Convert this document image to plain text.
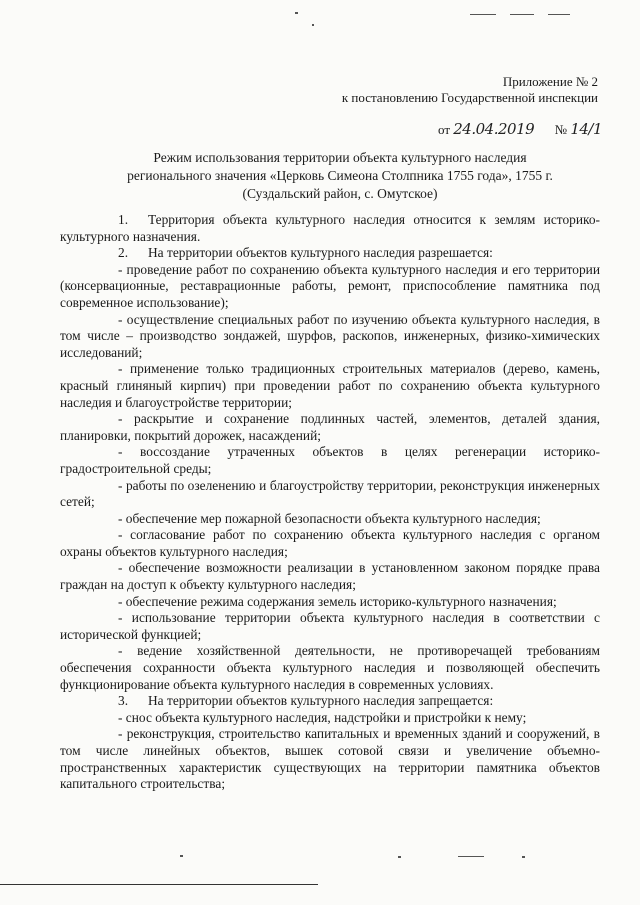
Приложение № 2
к постановлению Государственной инспекции
от 24.04.2019 № 14/1
Режим использования территории объекта культурного наследия
регионального значения «Церковь Симеона Столпника 1755 года», 1755 г.
(Суздальский район, с. Омутское)

1. Территория объекта культурного наследия относится к землям историко-культурного назначения.

2. На территории объектов культурного наследия разрешается:

- проведение работ по сохранению объекта культурного наследия и его территории (консервационные, реставрационные работы, ремонт, приспособление памятника под современное использование);

- осуществление специальных работ по изучению объекта культурного наследия, в том числе – производство зондажей, шурфов, раскопов, инженерных, физико-химических исследований;

- применение только традиционных строительных материалов (дерево, камень, красный глиняный кирпич) при проведении работ по сохранению объекта культурного наследия и благоустройстве территории;

- раскрытие и сохранение подлинных частей, элементов, деталей здания, планировки, покрытий дорожек, насаждений;

- воссоздание утраченных объектов в целях регенерации историко-градостроительной среды;

- работы по озеленению и благоустройству территории, реконструкция инженерных сетей;

- обеспечение мер пожарной безопасности объекта культурного наследия;

- согласование работ по сохранению объекта культурного наследия с органом охраны объектов культурного наследия;

- обеспечение возможности реализации в установленном законом порядке права граждан на доступ к объекту культурного наследия;

- обеспечение режима содержания земель историко-культурного назначения;

- использование территории объекта культурного наследия в соответствии с исторической функцией;

- ведение хозяйственной деятельности, не противоречащей требованиям обеспечения сохранности объекта культурного наследия и позволяющей обеспечить функционирование объекта культурного наследия в современных условиях.

3. На территории объектов культурного наследия запрещается:

- снос объекта культурного наследия, надстройки и пристройки к нему;

- реконструкция, строительство капитальных и временных зданий и сооружений, в том числе линейных объектов, вышек сотовой связи и увеличение объемно-пространственных характеристик существующих на территории памятника объектов капитального строительства;
